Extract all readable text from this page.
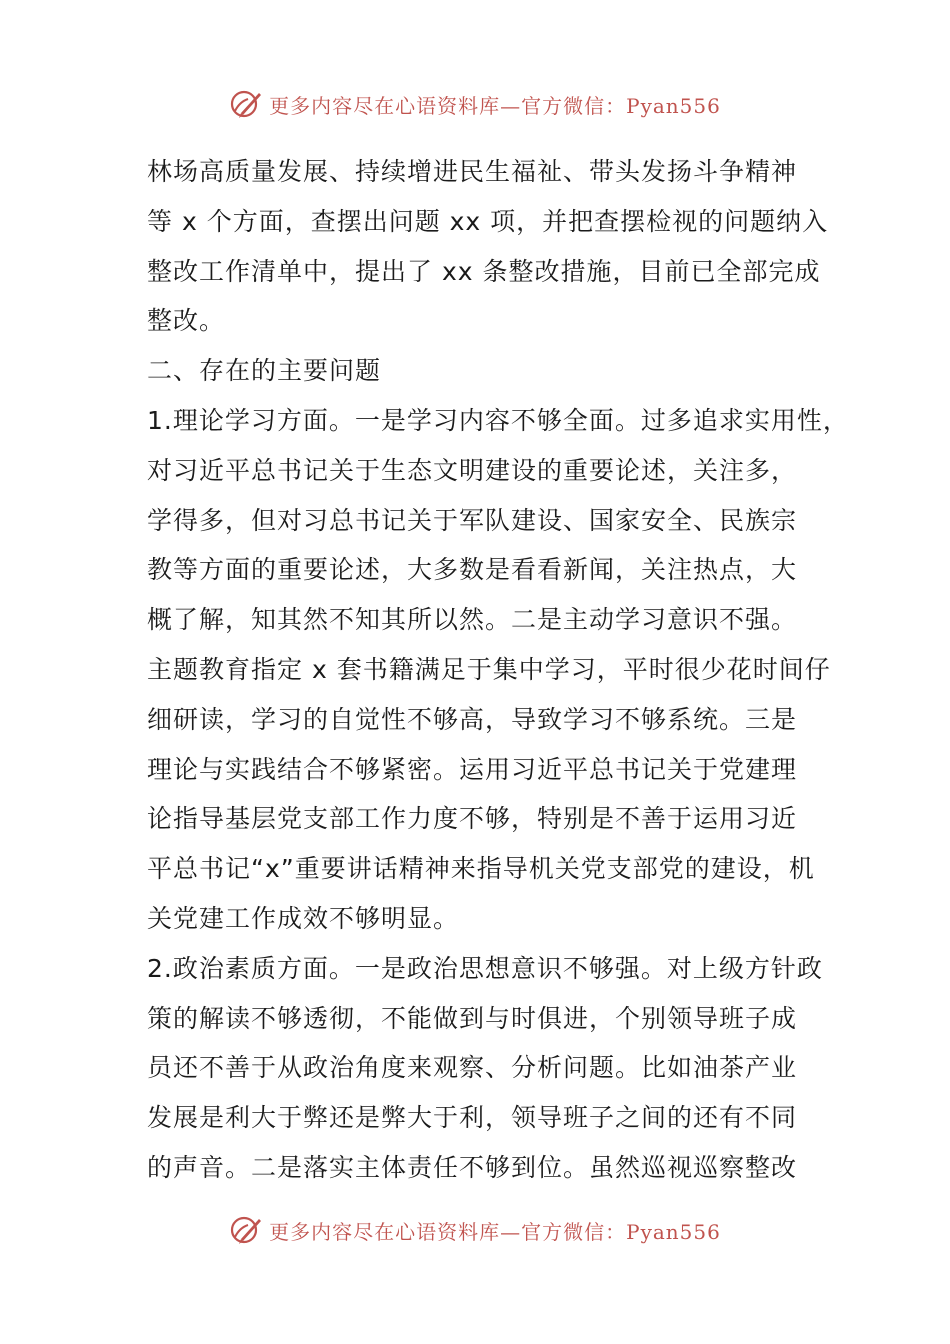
更多内容尽在心语资料库—官方微信：Pyan556
林场高质量发展、持续增进民生福祉、带头发扬斗争精神
等 x 个方面，查摆出问题 xx 项，并把查摆检视的问题纳入
整改工作清单中，提出了 xx 条整改措施，目前已全部完成
整改。
二、存在的主要问题
1.理论学习方面。一是学习内容不够全面。过多追求实用性，
对习近平总书记关于生态文明建设的重要论述，关注多，
学得多，但对习总书记关于军队建设、国家安全、民族宗
教等方面的重要论述，大多数是看看新闻，关注热点，大
概了解，知其然不知其所以然。二是主动学习意识不强。
主题教育指定 x 套书籍满足于集中学习，平时很少花时间仔
细研读，学习的自觉性不够高，导致学习不够系统。三是
理论与实践结合不够紧密。运用习近平总书记关于党建理
论指导基层党支部工作力度不够，特别是不善于运用习近
平总书记“x”重要讲话精神来指导机关党支部党的建设，机
关党建工作成效不够明显。
2.政治素质方面。一是政治思想意识不够强。对上级方针政
策的解读不够透彻，不能做到与时俱进，个别领导班子成
员还不善于从政治角度来观察、分析问题。比如油茶产业
发展是利大于弊还是弊大于利，领导班子之间的还有不同
的声音。二是落实主体责任不够到位。虽然巡视巡察整改
更多内容尽在心语资料库—官方微信：Pyan556
